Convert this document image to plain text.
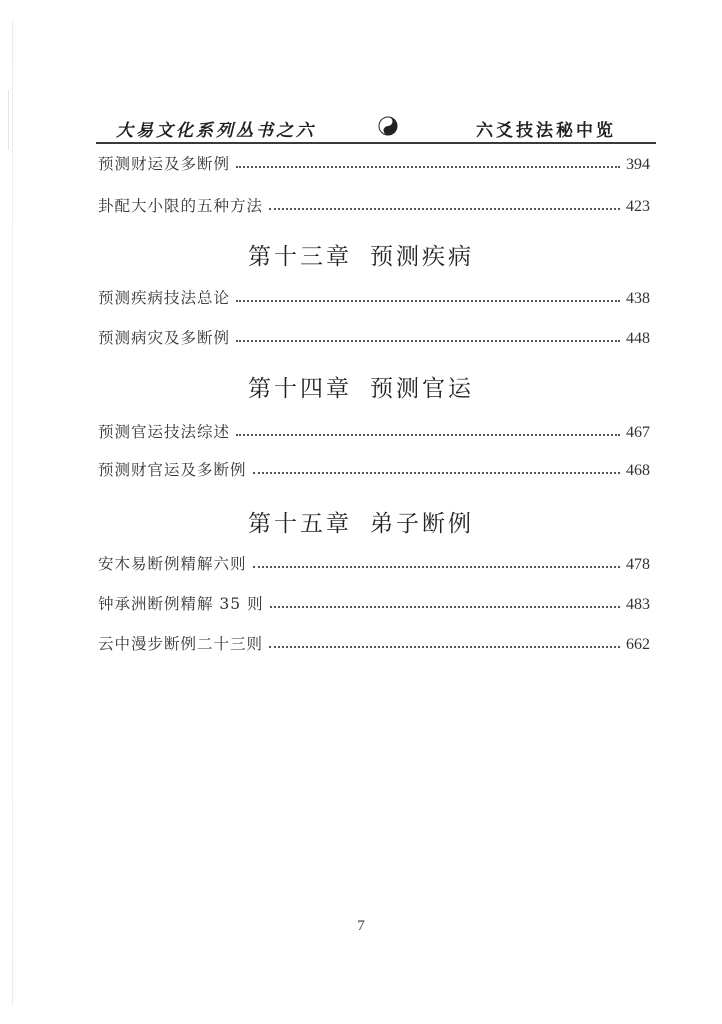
大易文化系列丛书之六	六爻技法秘中览
预测财运及多断例	394
卦配大小限的五种方法	423
第十三章 预测疾病
预测疾病技法总论	438
预测病灾及多断例	448
第十四章 预测官运
预测官运技法综述	467
预测财官运及多断例	468
第十五章 弟子断例
安木易断例精解六则	478
钟承洲断例精解 35 则	483
云中漫步断例二十三则	662
7
